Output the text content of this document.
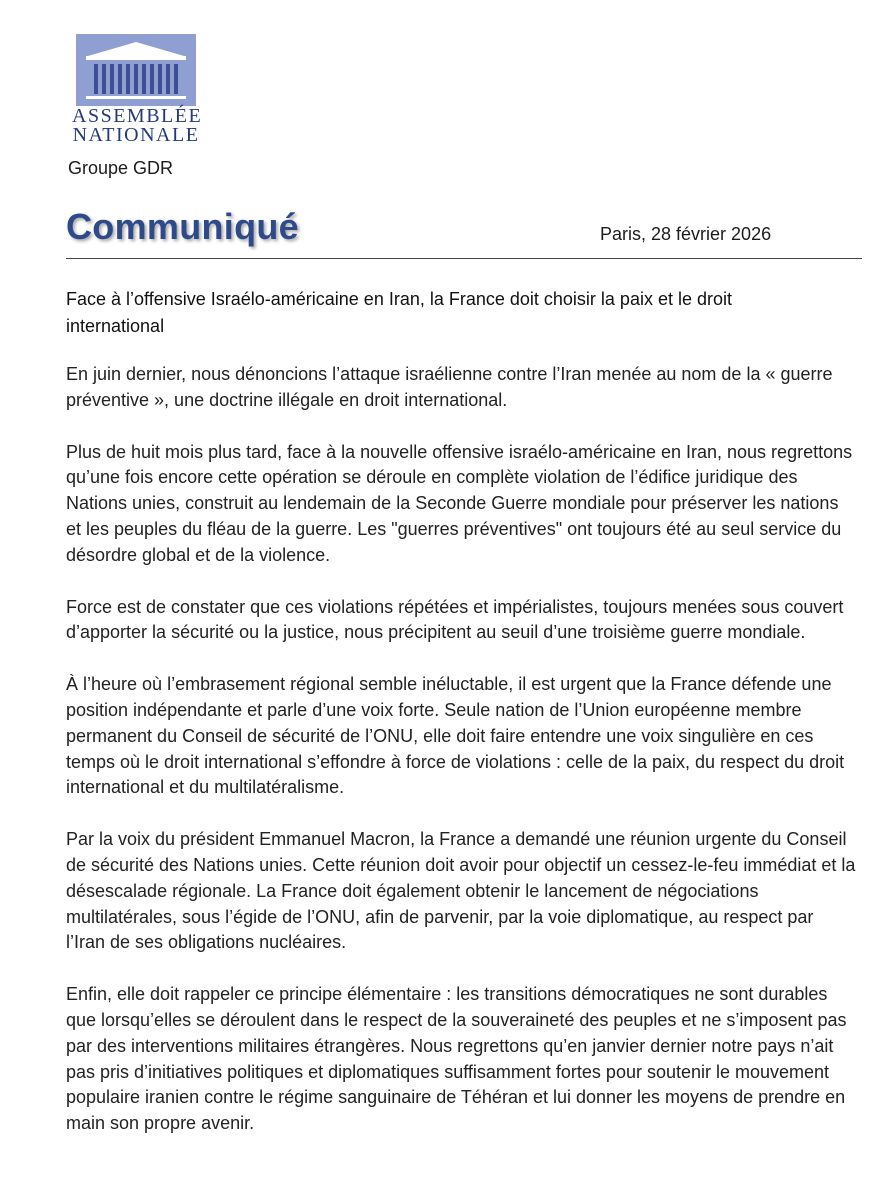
ASSEMBLÉE
NATIONALE
Groupe GDR
Communiqué	Paris, 28 février 2026
Face à l’offensive Israélo-américaine en Iran, la France doit choisir la paix et le droit international

En juin dernier, nous dénoncions l’attaque israélienne contre l’Iran menée au nom de la « guerre préventive », une doctrine illégale en droit international.

Plus de huit mois plus tard, face à la nouvelle offensive israélo-américaine en Iran, nous regrettons qu’une fois encore cette opération se déroule en complète violation de l’édifice juridique des Nations unies, construit au lendemain de la Seconde Guerre mondiale pour préserver les nations et les peuples du fléau de la guerre. Les "guerres préventives" ont toujours été au seul service du désordre global et de la violence.

Force est de constater que ces violations répétées et impérialistes, toujours menées sous couvert d’apporter la sécurité ou la justice, nous précipitent au seuil d’une troisième guerre mondiale.

À l’heure où l’embrasement régional semble inéluctable, il est urgent que la France défende une position indépendante et parle d’une voix forte. Seule nation de l’Union européenne membre permanent du Conseil de sécurité de l’ONU, elle doit faire entendre une voix singulière en ces temps où le droit international s’effondre à force de violations : celle de la paix, du respect du droit international et du multilatéralisme.

Par la voix du président Emmanuel Macron, la France a demandé une réunion urgente du Conseil de sécurité des Nations unies. Cette réunion doit avoir pour objectif un cessez-le-feu immédiat et la désescalade régionale. La France doit également obtenir le lancement de négociations multilatérales, sous l’égide de l’ONU, afin de parvenir, par la voie diplomatique, au respect par l’Iran de ses obligations nucléaires.

Enfin, elle doit rappeler ce principe élémentaire : les transitions démocratiques ne sont durables que lorsqu’elles se déroulent dans le respect de la souveraineté des peuples et ne s’imposent pas par des interventions militaires étrangères. Nous regrettons qu’en janvier dernier notre pays n’ait pas pris d’initiatives politiques et diplomatiques suffisamment fortes pour soutenir le mouvement populaire iranien contre le régime sanguinaire de Téhéran et lui donner les moyens de prendre en main son propre avenir.
